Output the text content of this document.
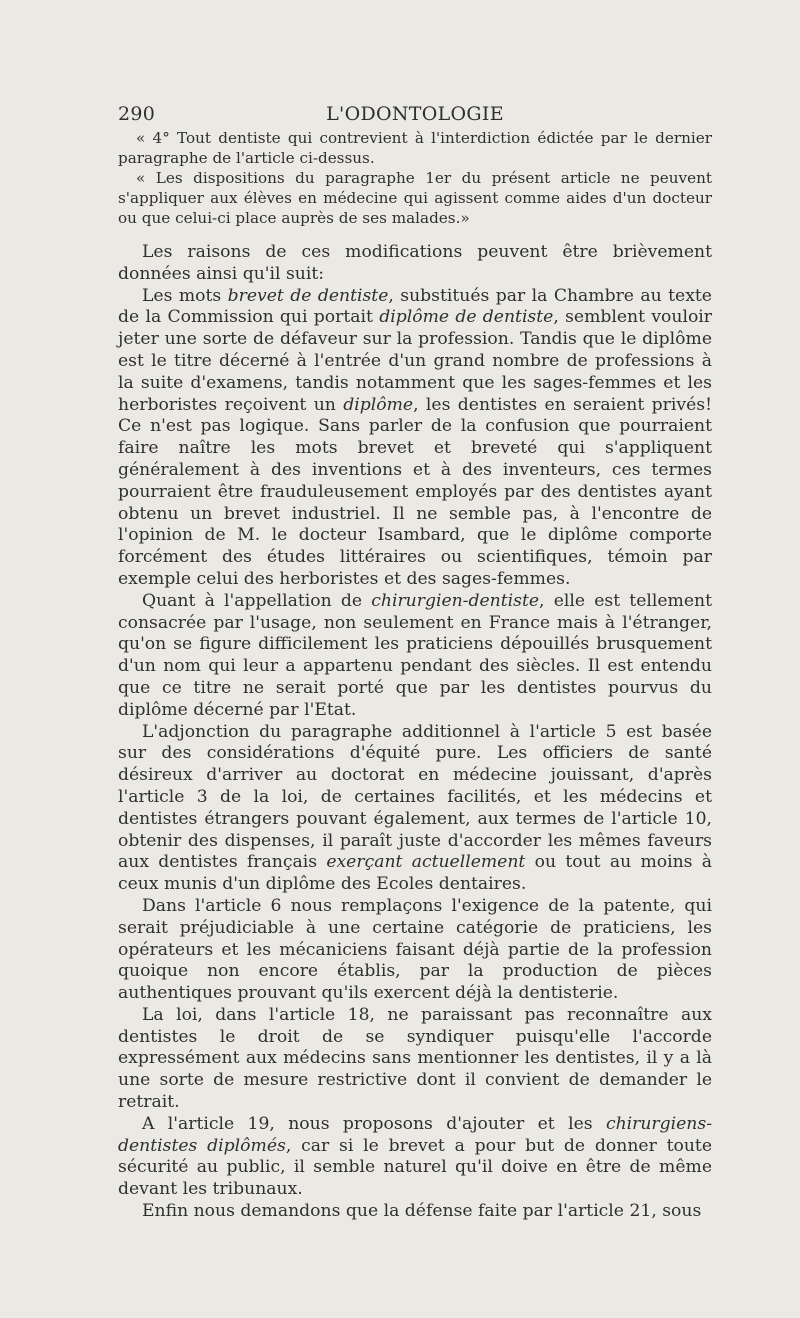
290	L'ODONTOLOGIE

« 4° Tout dentiste qui contrevient à l'interdiction édictée par le dernier paragraphe de l'article ci-dessus.

« Les dispositions du paragraphe 1er du présent article ne peuvent s'appliquer aux élèves en médecine qui agissent comme aides d'un docteur ou que celui-ci place auprès de ses malades.»

Les raisons de ces modifications peuvent être brièvement données ainsi qu'il suit:

Les mots brevet de dentiste, substitués par la Chambre au texte de la Commission qui portait diplôme de dentiste, semblent vouloir jeter une sorte de défaveur sur la profession. Tandis que le diplôme est le titre décerné à l'entrée d'un grand nombre de professions à la suite d'examens, tandis notamment que les sages-femmes et les herboristes reçoivent un diplôme, les dentistes en seraient privés! Ce n'est pas logique. Sans parler de la confusion que pourraient faire naître les mots brevet et breveté qui s'appliquent généralement à des inventions et à des inventeurs, ces termes pourraient être frauduleusement employés par des dentistes ayant obtenu un brevet industriel. Il ne semble pas, à l'encontre de l'opinion de M. le docteur Isambard, que le diplôme comporte forcément des études littéraires ou scientifiques, témoin par exemple celui des herboristes et des sages-femmes.

Quant à l'appellation de chirurgien-dentiste, elle est tellement consacrée par l'usage, non seulement en France mais à l'étranger, qu'on se figure difficilement les praticiens dépouillés brusquement d'un nom qui leur a appartenu pendant des siècles. Il est entendu que ce titre ne serait porté que par les dentistes pourvus du diplôme décerné par l'Etat.

L'adjonction du paragraphe additionnel à l'article 5 est basée sur des considérations d'équité pure. Les officiers de santé désireux d'arriver au doctorat en médecine jouissant, d'après l'article 3 de la loi, de certaines facilités, et les médecins et dentistes étrangers pouvant également, aux termes de l'article 10, obtenir des dispenses, il paraît juste d'accorder les mêmes faveurs aux dentistes français exerçant actuellement ou tout au moins à ceux munis d'un diplôme des Ecoles dentaires.

Dans l'article 6 nous remplaçons l'exigence de la patente, qui serait préjudiciable à une certaine catégorie de praticiens, les opérateurs et les mécaniciens faisant déjà partie de la profession quoique non encore établis, par la production de pièces authentiques prouvant qu'ils exercent déjà la dentisterie.

La loi, dans l'article 18, ne paraissant pas reconnaître aux dentistes le droit de se syndiquer puisqu'elle l'accorde expressément aux médecins sans mentionner les dentistes, il y a là une sorte de mesure restrictive dont il convient de demander le retrait.

A l'article 19, nous proposons d'ajouter et les chirurgiens-dentistes diplômés, car si le brevet a pour but de donner toute sécurité au public, il semble naturel qu'il doive en être de même devant les tribunaux.

Enfin nous demandons que la défense faite par l'article 21, sous
